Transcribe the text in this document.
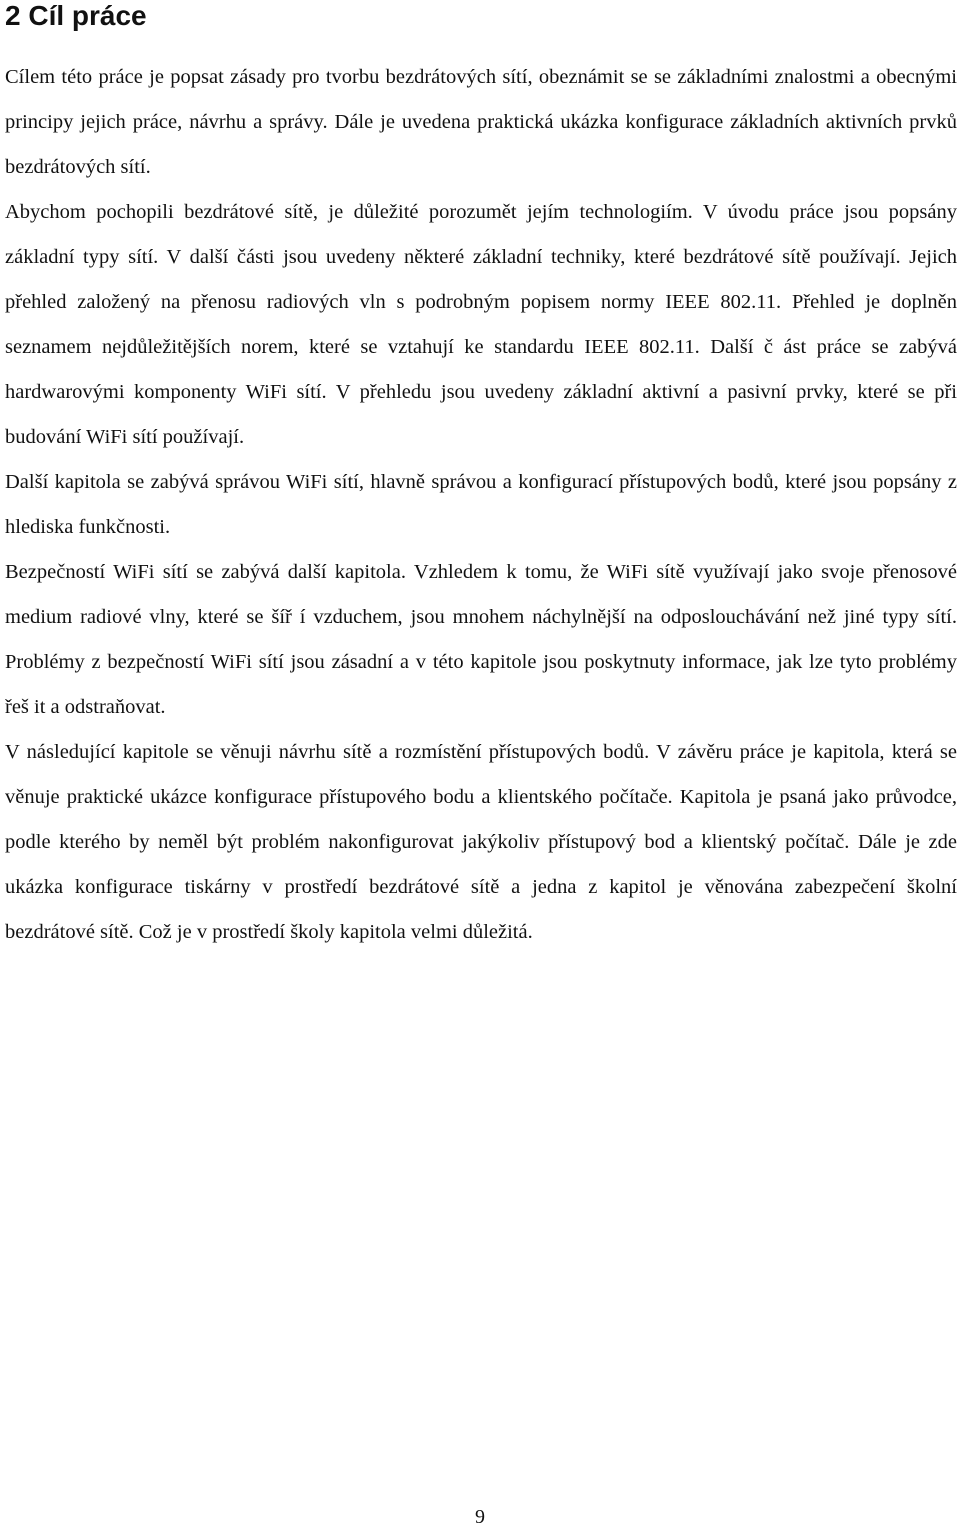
2 Cíl práce

Cílem této práce je popsat zásady pro tvorbu bezdrátových sítí, obeznámit se se základními znalostmi a obecnými principy jejich práce, návrhu a správy. Dále je uvedena praktická ukázka konfigurace základních aktivních prvků bezdrátových sítí.

Abychom pochopili bezdrátové sítě, je důležité porozumět jejím technologiím. V úvodu práce jsou popsány základní typy sítí. V další části jsou uvedeny některé základní techniky, které bezdrátové sítě používají. Jejich přehled založený na přenosu radiových vln s podrobným popisem normy IEEE 802.11. Přehled je doplněn seznamem nejdůležitějších norem, které se vztahují ke standardu IEEE 802.11. Další č ást práce se zabývá hardwarovými komponenty WiFi sítí. V přehledu jsou uvedeny základní aktivní a pasivní prvky, které se při budování WiFi sítí používají.

Další kapitola se zabývá správou WiFi sítí, hlavně správou a konfigurací přístupových bodů, které jsou popsány z hlediska funkčnosti.

Bezpečností WiFi sítí se zabývá další kapitola. Vzhledem k tomu, že WiFi sítě využívají jako svoje přenosové medium radiové vlny, které se šíř í vzduchem, jsou mnohem náchylnější na odposlouchávání než jiné typy sítí. Problémy z bezpečností WiFi sítí jsou zásadní a v této kapitole jsou poskytnuty informace, jak lze tyto problémy řeš it a odstraňovat.

V následující kapitole se věnuji návrhu sítě a rozmístění přístupových bodů. V závěru práce je kapitola, která se věnuje praktické ukázce konfigurace přístupového bodu a klientského počítače. Kapitola je psaná jako průvodce, podle kterého by neměl být problém nakonfigurovat jakýkoliv přístupový bod a klientský počítač. Dále je zde ukázka konfigurace tiskárny v prostředí bezdrátové sítě a jedna z kapitol je věnována zabezpečení školní bezdrátové sítě. Což je v prostředí školy kapitola velmi důležitá.

9
